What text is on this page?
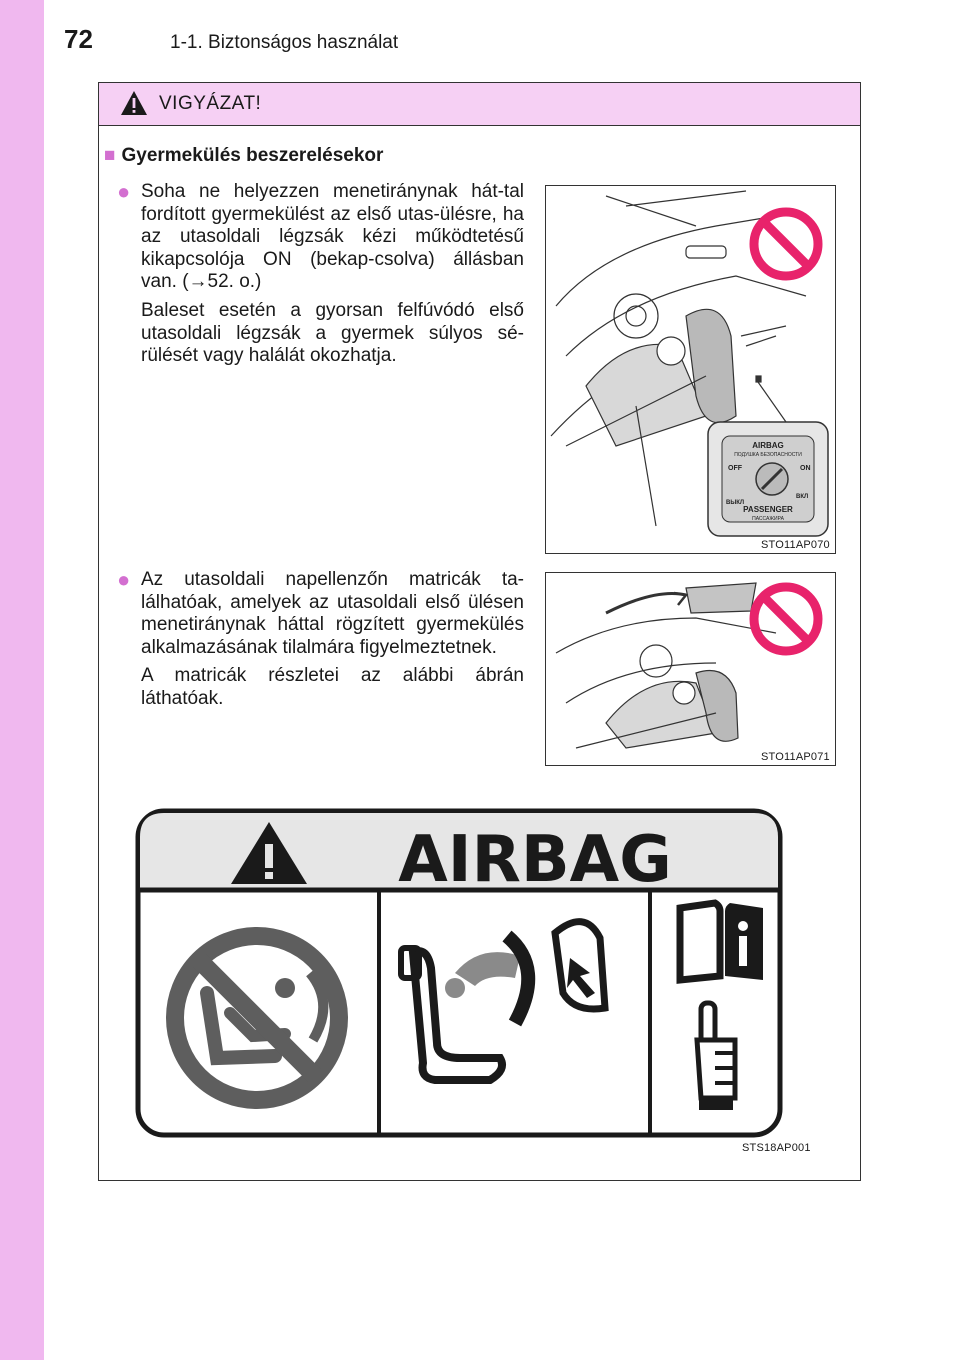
72	1-1. Biztonságos használat
VIGYÁZAT!
■ Gyermekülés beszerelésekor
● Soha ne helyezzen menetiránynak hát-tal fordított gyermekülést az első utas-ülésre, ha az utasoldali légzsák kézi működtetésű kikapcsolója ON (bekap-csolva) állásban van. (→52. o.)

Baleset esetén a gyorsan felfúvódó első utasoldali légzsák a gyermek súlyos sé-rülését vagy halálát okozhatja.

● Az utasoldali napellenzőn matricák ta-lálhatóak, amelyek az utasoldali első ülésen menetiránynak háttal rögzített gyermekülés alkalmazásának tilalmára figyelmeztetnek.

A matricák részletei az alábbi ábrán láthatóak.

AIRBAG
ПОДУШКА БЕЗОПАСНОСТИ
OFF	ON
ВЫКЛ
ВКЛ
PASSENGER
ПАССАЖИРА
STO11AP070
STO11AP071
AIRBAG
STS18AP001
